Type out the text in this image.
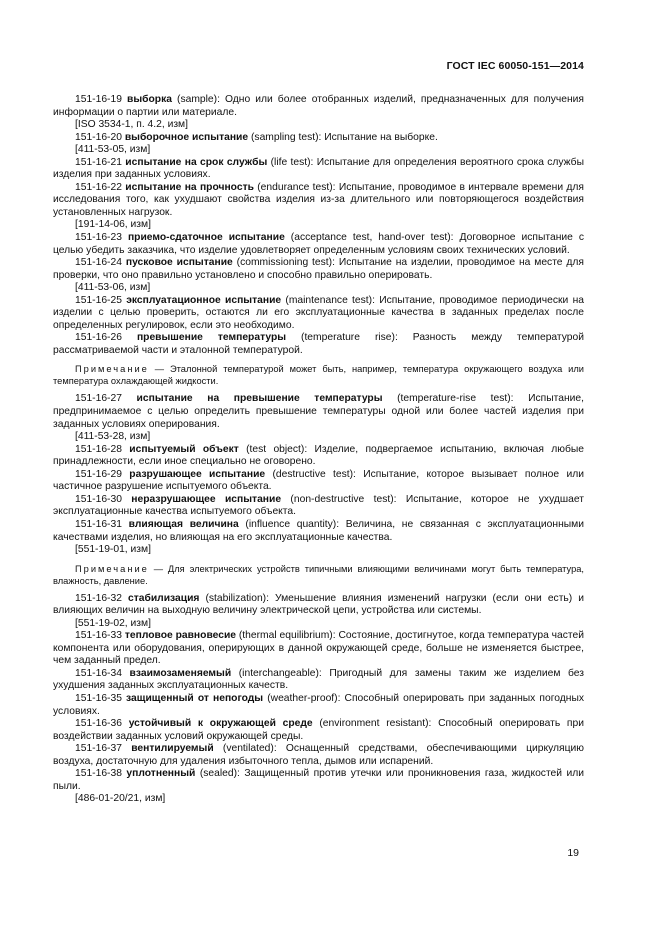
ГОСТ IEC 60050-151—2014

151-16-19 выборка (sample): Одно или более отобранных изделий, предназначенных для получения информации о партии или материале.

[ISO 3534-1, п. 4.2, изм]

151-16-20 выборочное испытание (sampling test): Испытание на выборке.

[411-53-05, изм]

151-16-21 испытание на срок службы (life test): Испытание для определения вероятного срока службы изделия при заданных условиях.

151-16-22 испытание на прочность (endurance test): Испытание, проводимое в интервале времени для исследования того, как ухудшают свойства изделия из-за длительного или повторяющегося воздействия установленных нагрузок.

[191-14-06, изм]

151-16-23 приемо-сдаточное испытание (acceptance test, hand-over test): Договорное испытание с целью убедить заказчика, что изделие удовлетворяет определенным условиям своих технических условий.

151-16-24 пусковое испытание (commissioning test): Испытание на изделии, проводимое на месте для проверки, что оно правильно установлено и способно правильно оперировать.

[411-53-06, изм]

151-16-25 эксплуатационное испытание (maintenance test): Испытание, проводимое периодически на изделии с целью проверить, остаются ли его эксплуатационные качества в заданных пределах после определенных регулировок, если это необходимо.

151-16-26 превышение температуры (temperature rise): Разность между температурой рассматриваемой части и эталонной температурой.

Примечание — Эталонной температурой может быть, например, температура окружающего воздуха или температура охлаждающей жидкости.

151-16-27 испытание на превышение температуры (temperature-rise test): Испытание, предпринимаемое с целью определить превышение температуры одной или более частей изделия при заданных условиях оперирования.

[411-53-28, изм]

151-16-28 испытуемый объект (test object): Изделие, подвергаемое испытанию, включая любые принадлежности, если иное специально не оговорено.

151-16-29 разрушающее испытание (destructive test): Испытание, которое вызывает полное или частичное разрушение испытуемого объекта.

151-16-30 неразрушающее испытание (non-destructive test): Испытание, которое не ухудшает эксплуатационные качества испытуемого объекта.

151-16-31 влияющая величина (influence quantity): Величина, не связанная с эксплуатационными качествами изделия, но влияющая на его эксплуатационные качества.

[551-19-01, изм]

Примечание — Для электрических устройств типичными влияющими величинами могут быть температура, влажность, давление.

151-16-32 стабилизация (stabilization): Уменьшение влияния изменений нагрузки (если они есть) и влияющих величин на выходную величину электрической цепи, устройства или системы.

[551-19-02, изм]

151-16-33 тепловое равновесие (thermal equilibrium): Состояние, достигнутое, когда температура частей компонента или оборудования, оперирующих в данной окружающей среде, больше не изменяется быстрее, чем заданный предел.

151-16-34 взаимозаменяемый (interchangeable): Пригодный для замены таким же изделием без ухудшения заданных эксплуатационных качеств.

151-16-35 защищенный от непогоды (weather-proof): Способный оперировать при заданных погодных условиях.

151-16-36 устойчивый к окружающей среде (environment resistant): Способный оперировать при воздействии заданных условий окружающей среды.

151-16-37 вентилируемый (ventilated): Оснащенный средствами, обеспечивающими циркуляцию воздуха, достаточную для удаления избыточного тепла, дымов или испарений.

151-16-38 уплотненный (sealed): Защищенный против утечки или проникновения газа, жидкостей или пыли.

[486-01-20/21, изм]

19
